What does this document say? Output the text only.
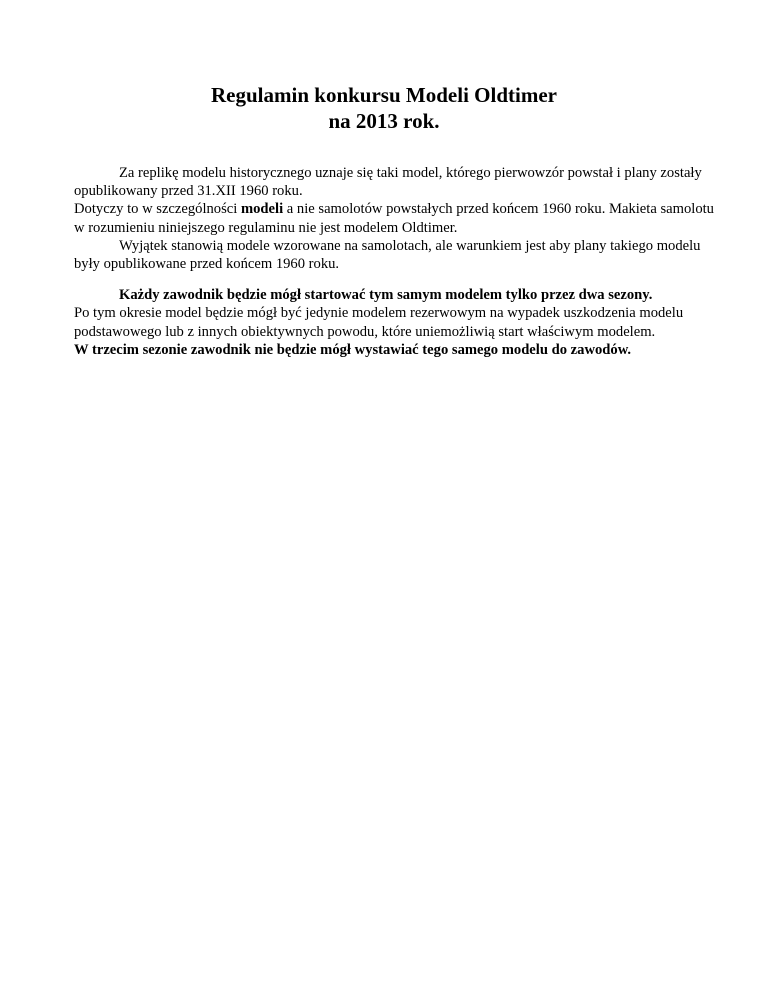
Regulamin konkursu Modeli Oldtimer
na 2013 rok.

Za replikę modelu historycznego uznaje się taki model, którego pierwowzór powstał i plany zostały opublikowany przed 31.XII 1960 roku.

Dotyczy to w szczególności modeli a nie samolotów powstałych przed końcem 1960 roku. Makieta samolotu w rozumieniu niniejszego regulaminu nie jest modelem Oldtimer.

Wyjątek stanowią modele wzorowane na samolotach, ale warunkiem jest aby plany takiego modelu były opublikowane przed końcem 1960 roku.

Każdy zawodnik będzie mógł startować tym samym modelem tylko przez dwa sezony.

Po tym okresie model będzie mógł być jedynie modelem rezerwowym na wypadek uszkodzenia modelu podstawowego lub z innych obiektywnych powodu, które uniemożliwią start właściwym modelem.

W trzecim sezonie zawodnik nie będzie mógł wystawiać tego samego modelu do zawodów.
